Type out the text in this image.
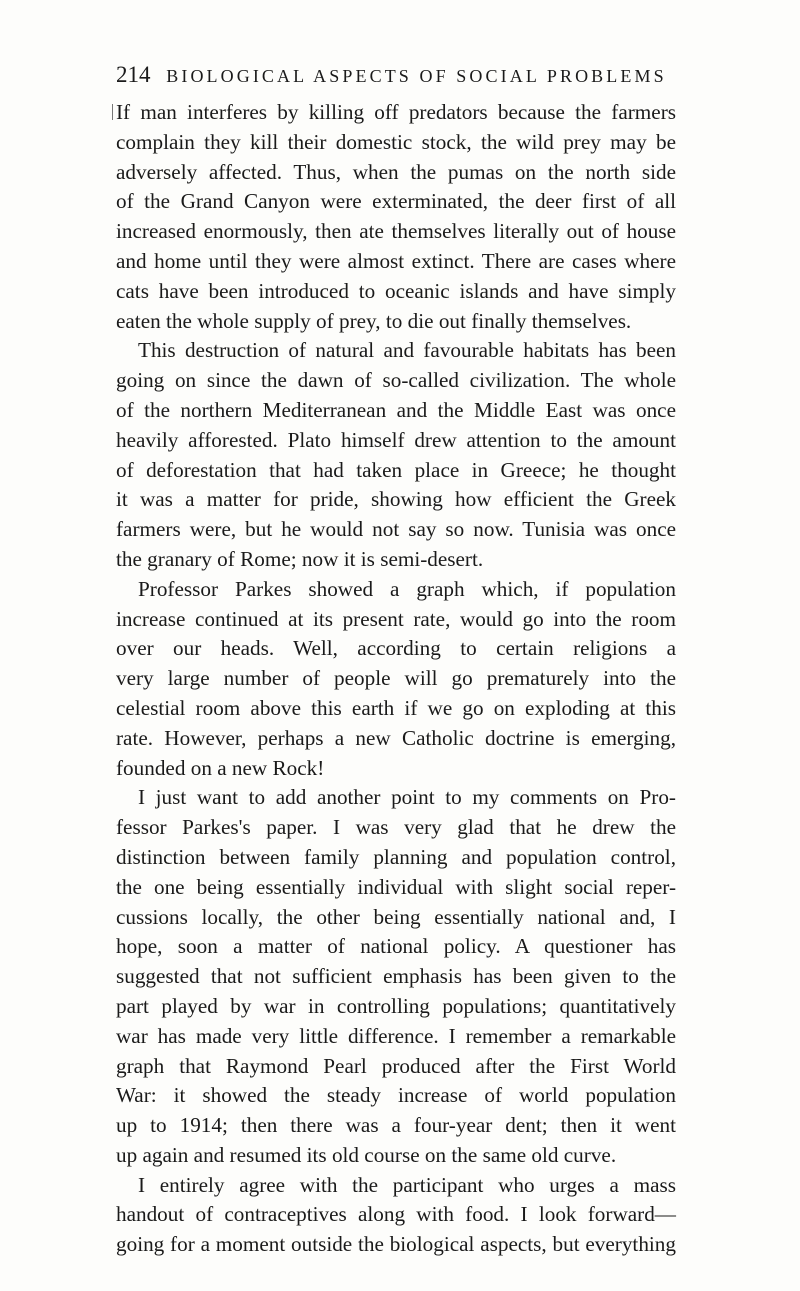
214 BIOLOGICAL ASPECTS OF SOCIAL PROBLEMS
If man interferes by killing off predators because the farmers
complain they kill their domestic stock, the wild prey may be
adversely affected. Thus, when the pumas on the north side
of the Grand Canyon were exterminated, the deer first of all
increased enormously, then ate themselves literally out of house
and home until they were almost extinct. There are cases where
cats have been introduced to oceanic islands and have simply
eaten the whole supply of prey, to die out finally themselves.
This destruction of natural and favourable habitats has been
going on since the dawn of so-called civilization. The whole
of the northern Mediterranean and the Middle East was once
heavily afforested. Plato himself drew attention to the amount
of deforestation that had taken place in Greece; he thought
it was a matter for pride, showing how efficient the Greek
farmers were, but he would not say so now. Tunisia was once
the granary of Rome; now it is semi-desert.
Professor Parkes showed a graph which, if population
increase continued at its present rate, would go into the room
over our heads. Well, according to certain religions a
very large number of people will go prematurely into the
celestial room above this earth if we go on exploding at this
rate. However, perhaps a new Catholic doctrine is emerging,
founded on a new Rock!
I just want to add another point to my comments on Pro-
fessor Parkes's paper. I was very glad that he drew the
distinction between family planning and population control,
the one being essentially individual with slight social reper-
cussions locally, the other being essentially national and, I
hope, soon a matter of national policy. A questioner has
suggested that not sufficient emphasis has been given to the
part played by war in controlling populations; quantitatively
war has made very little difference. I remember a remarkable
graph that Raymond Pearl produced after the First World
War: it showed the steady increase of world population
up to 1914; then there was a four-year dent; then it went
up again and resumed its old course on the same old curve.
I entirely agree with the participant who urges a mass
handout of contraceptives along with food. I look forward—
going for a moment outside the biological aspects, but everything
